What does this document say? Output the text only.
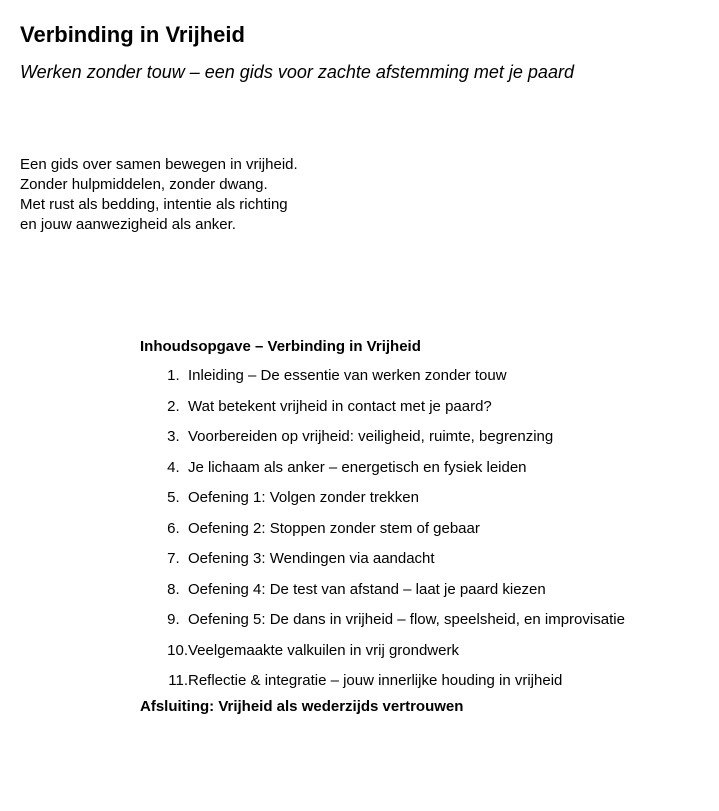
Verbinding in Vrijheid

Werken zonder touw – een gids voor zachte afstemming met je paard

Een gids over samen bewegen in vrijheid.
Zonder hulpmiddelen, zonder dwang.
Met rust als bedding, intentie als richting
en jouw aanwezigheid als anker.
Inhoudsopgave – Verbinding in Vrijheid
1. Inleiding – De essentie van werken zonder touw
2. Wat betekent vrijheid in contact met je paard?
3. Voorbereiden op vrijheid: veiligheid, ruimte, begrenzing
4. Je lichaam als anker – energetisch en fysiek leiden
5. Oefening 1: Volgen zonder trekken
6. Oefening 2: Stoppen zonder stem of gebaar
7. Oefening 3: Wendingen via aandacht
8. Oefening 4: De test van afstand – laat je paard kiezen
9. Oefening 5: De dans in vrijheid – flow, speelsheid, en improvisatie
10. Veelgemaakte valkuilen in vrij grondwerk
11. Reflectie & integratie – jouw innerlijke houding in vrijheid
Afsluiting: Vrijheid als wederzijds vertrouwen
